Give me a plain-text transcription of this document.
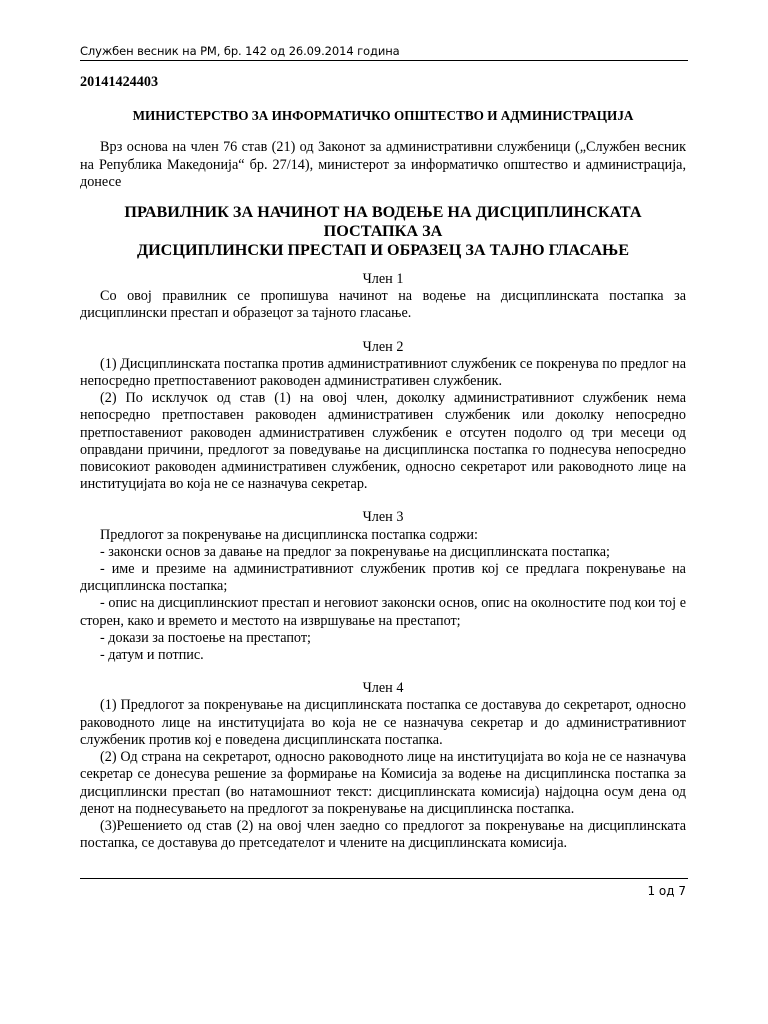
Службен весник на РМ, бр. 142 од 26.09.2014 година

20141424403

МИНИСТЕРСТВО ЗА ИНФОРМАТИЧКО ОПШТЕСТВО И АДМИНИСТРАЦИЈА

Врз основа на член 76 став (21) од Законот за административни службеници („Службен весник на Република Македонија“ бр. 27/14), министерот за информатичко општество и администрација, донесе

ПРАВИЛНИК ЗА НАЧИНОТ НА ВОДЕЊЕ НА ДИСЦИПЛИНСКАТА ПОСТАПКА ЗА
ДИСЦИПЛИНСКИ ПРЕСТАП И ОБРАЗЕЦ ЗА ТАЈНО ГЛАСАЊЕ

Член 1

Со овој правилник се пропишува начинот на водење на дисциплинската постапка за дисциплински престап и образецот за тајното гласање.

Член 2

(1) Дисциплинската постапка против административниот службеник се покренува по предлог на непосредно претпоставениот раководен административен службеник.

(2) По исклучок од став (1) на овој член, доколку административниот службеник нема непосредно претпоставен раководен административен службеник или доколку непосредно претпоставениот раководен административен службеник е отсутен подолго од три месеци од оправдани причини, предлогот за поведување на дисциплинска постапка го поднесува непосредно повисокиот раководен административен службеник, односно секретарот или раководното лице на институцијата во која не се назначува секретар.

Член 3

Предлогот за покренување на дисциплинска постапка содржи:

- законски основ за давање на предлог за покренување на дисциплинската постапка;

- име и презиме на административниот службеник против кој се предлага покренување на дисциплинска постапка;

- опис на дисциплинскиот престап и неговиот законски основ, опис на околностите под кои тој е сторен, како и времето и местото на извршување на престапот;

- докази за постоење на престапот;

- датум и потпис.

Член 4

(1) Предлогот за покренување на дисциплинската постапка се доставува до секретарот, односно раководното лице на институцијата во која не се назначува секретар и до административниот службеник против кој е поведена дисциплинската постапка.

(2) Од страна на секретарот, односно раководното лице на институцијата во која не се назначува секретар се донесува решение за формирање на Комисија за водење на дисциплинска постапка за дисциплински престап (во натамошниот текст: дисциплинската комисија) најдоцна осум дена од денот на поднесувањето на предлогот за покренување на дисциплинска постапка.

(3)Решението од став (2) на овој член заедно со предлогот за покренување на дисциплинската постапка, се доставува до претседателот и члените на дисциплинската комисија.

1 од 7
